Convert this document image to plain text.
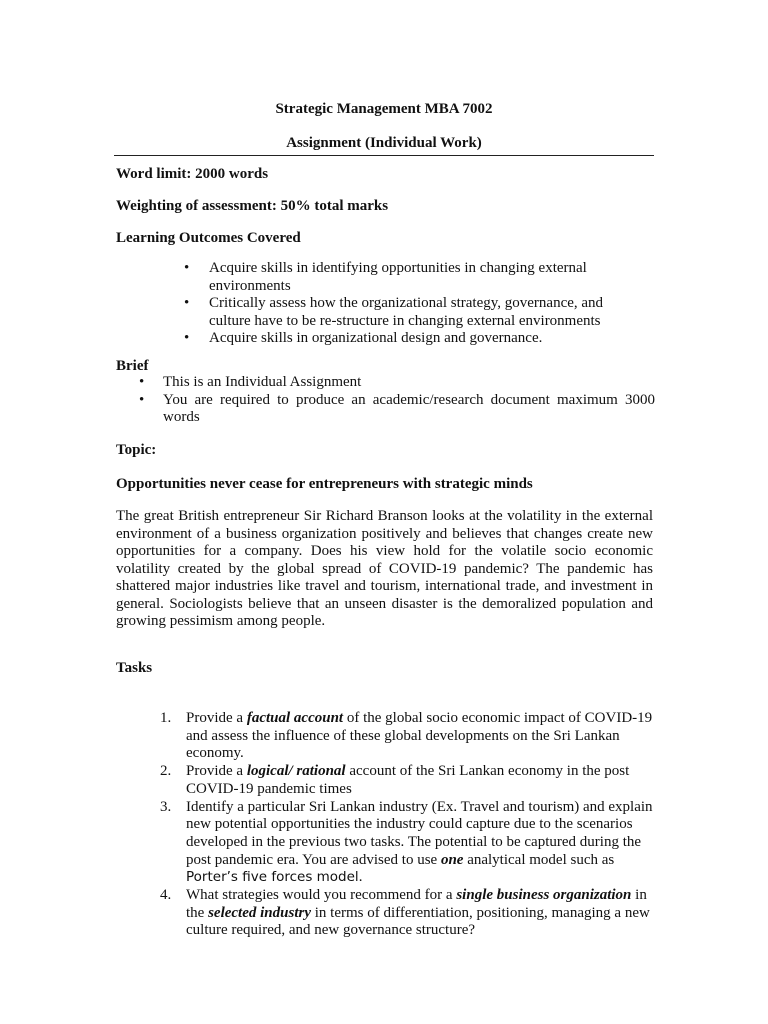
Strategic Management MBA 7002
Assignment (Individual Work)
Word limit: 2000 words
Weighting of assessment: 50% total marks
Learning Outcomes Covered
• Acquire skills in identifying opportunities in changing external environments
• Critically assess how the organizational strategy, governance, and culture have to be re-structure in changing external environments
• Acquire skills in organizational design and governance.
Brief
• This is an Individual Assignment
• You are required to produce an academic/research document maximum 3000 words
Topic:
Opportunities never cease for entrepreneurs with strategic minds
The great British entrepreneur Sir Richard Branson looks at the volatility in the external environment of a business organization positively and believes that changes create new opportunities for a company. Does his view hold for the volatile socio economic volatility created by the global spread of COVID-19 pandemic? The pandemic has shattered major industries like travel and tourism, international trade, and investment in general. Sociologists believe that an unseen disaster is the demoralized population and growing pessimism among people.
Tasks
1. Provide a factual account of the global socio economic impact of COVID-19 and assess the influence of these global developments on the Sri Lankan economy.
2. Provide a logical/ rational account of the Sri Lankan economy in the post COVID-19 pandemic times
3. Identify a particular Sri Lankan industry (Ex. Travel and tourism) and explain new potential opportunities the industry could capture due to the scenarios developed in the previous two tasks. The potential to be captured during the post pandemic era. You are advised to use one analytical model such as Porter’s five forces model.
4. What strategies would you recommend for a single business organization in the selected industry in terms of differentiation, positioning, managing a new culture required, and new governance structure?
